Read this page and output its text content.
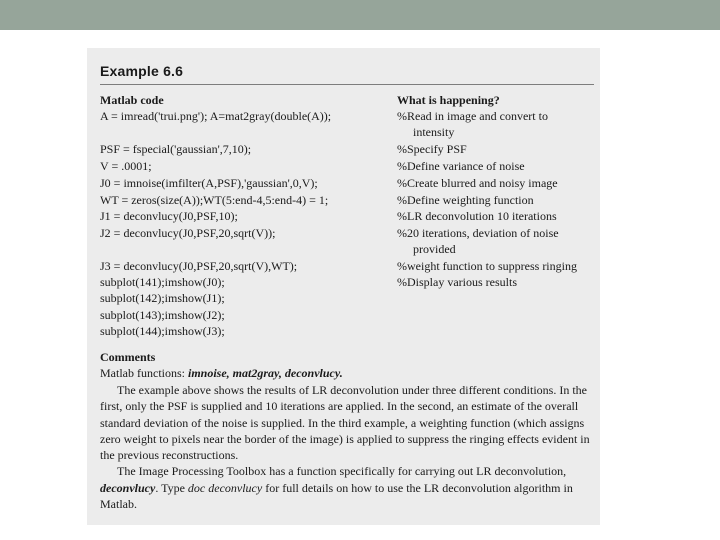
Example 6.6
Matlab code	What is happening?
A = imread('trui.png'); A=mat2gray(double(A));
PSF = fspecial('gaussian',7,10);
V = .0001;
J0 = imnoise(imfilter(A,PSF),'gaussian',0,V);
WT = zeros(size(A));WT(5:end-4,5:end-4) = 1;
J1 = deconvlucy(J0,PSF,10);
J2 = deconvlucy(J0,PSF,20,sqrt(V));
J3 = deconvlucy(J0,PSF,20,sqrt(V),WT);
subplot(141);imshow(J0);
subplot(142);imshow(J1);
subplot(143);imshow(J2);
subplot(144);imshow(J3);
%Read in image and convert to
intensity
%Specify PSF
%Define variance of noise
%Create blurred and noisy image
%Define weighting function
%LR deconvolution 10 iterations
%20 iterations, deviation of noise
provided
%weight function to suppress ringing
%Display various results
Comments
Matlab functions: imnoise, mat2gray, deconvlucy.

The example above shows the results of LR deconvolution under three different conditions. In the first, only the PSF is supplied and 10 iterations are applied. In the second, an estimate of the overall standard deviation of the noise is supplied. In the third example, a weighting function (which assigns zero weight to pixels near the border of the image) is applied to suppress the ringing effects evident in the previous reconstructions.

The Image Processing Toolbox has a function specifically for carrying out LR deconvolution, deconvlucy. Type doc deconvlucy for full details on how to use the LR deconvolution algorithm in Matlab.
